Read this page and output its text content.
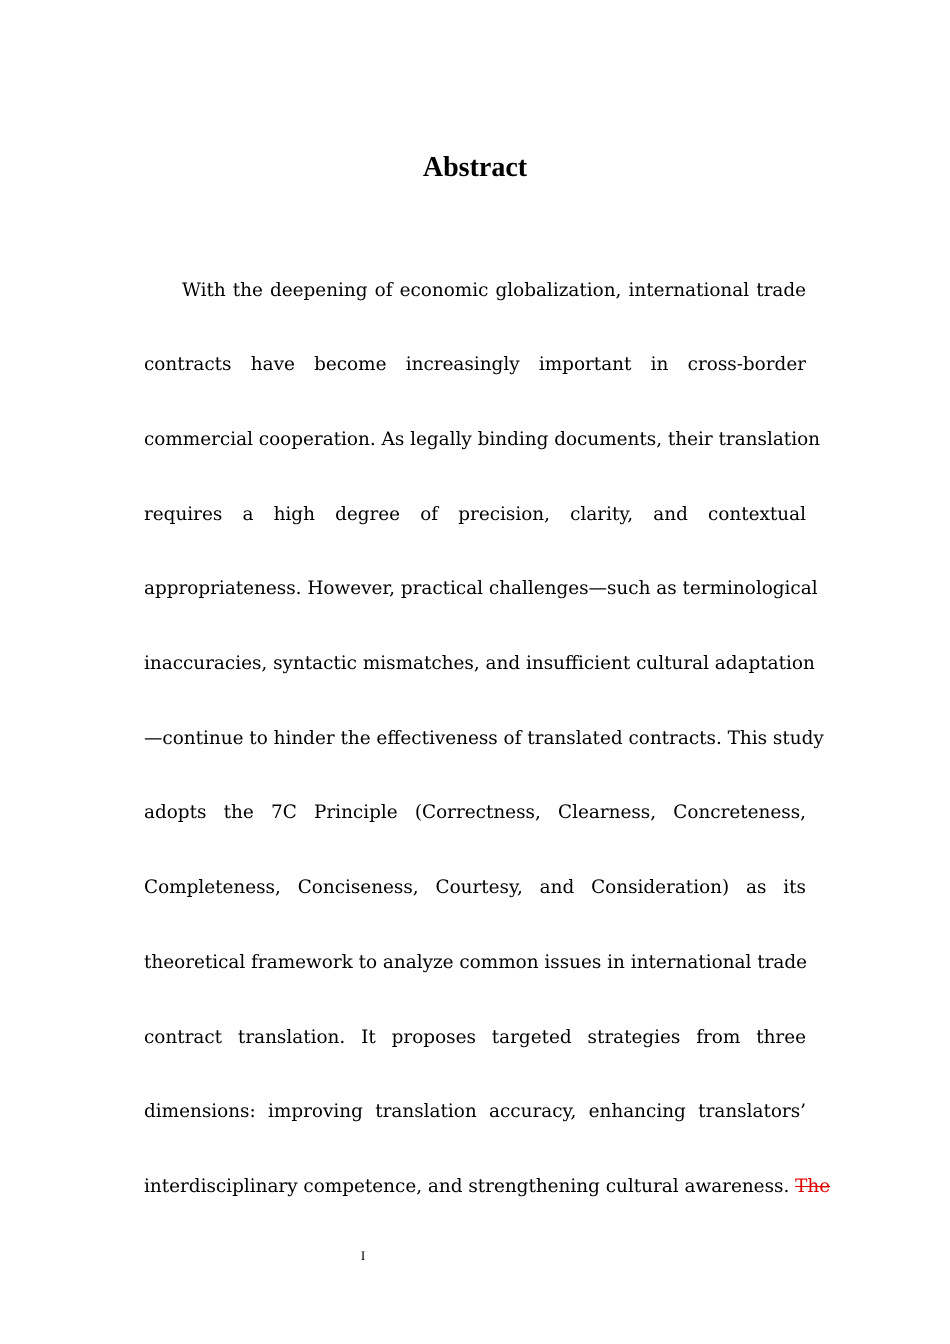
Abstract
With the deepening of economic globalization, international trade
contracts have become increasingly important in cross-border
commercial cooperation. As legally binding documents, their translation
requires a high degree of precision, clarity, and contextual
appropriateness. However, practical challenges—such as terminological
inaccuracies, syntactic mismatches, and insufficient cultural adaptation
—continue to hinder the effectiveness of translated contracts. This study
adopts the 7C Principle (Correctness, Clearness, Concreteness,
Completeness, Conciseness, Courtesy, and Consideration) as its
theoretical framework to analyze common issues in international trade
contract translation. It proposes targeted strategies from three
dimensions: improving translation accuracy, enhancing translators’
interdisciplinary competence, and strengthening cultural awareness. The
I
